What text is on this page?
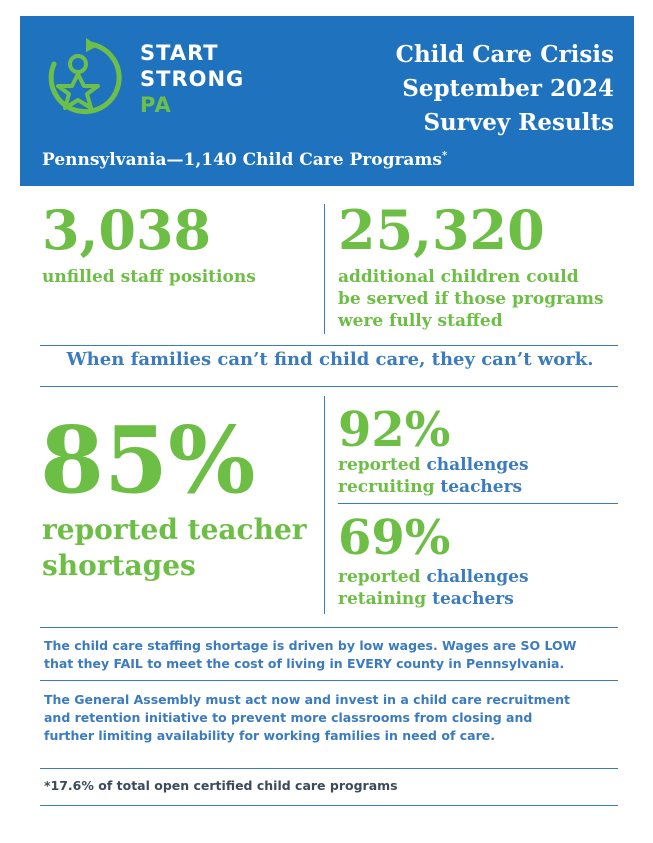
START
STRONG
PA
Child Care Crisis
September 2024
Survey Results
Pennsylvania—1,140 Child Care Programs*
3,038
unfilled staff positions
25,320
additional children could
be served if those programs
were fully staffed
When families can’t find child care, they can’t work.
85%
reported teacher
shortages
92%
reported challenges
recruiting teachers
69%
reported challenges
retaining teachers
The child care staffing shortage is driven by low wages. Wages are SO LOW
that they FAIL to meet the cost of living in EVERY county in Pennsylvania.
The General Assembly must act now and invest in a child care recruitment
and retention initiative to prevent more classrooms from closing and
further limiting availability for working families in need of care.
*17.6% of total open certified child care programs
